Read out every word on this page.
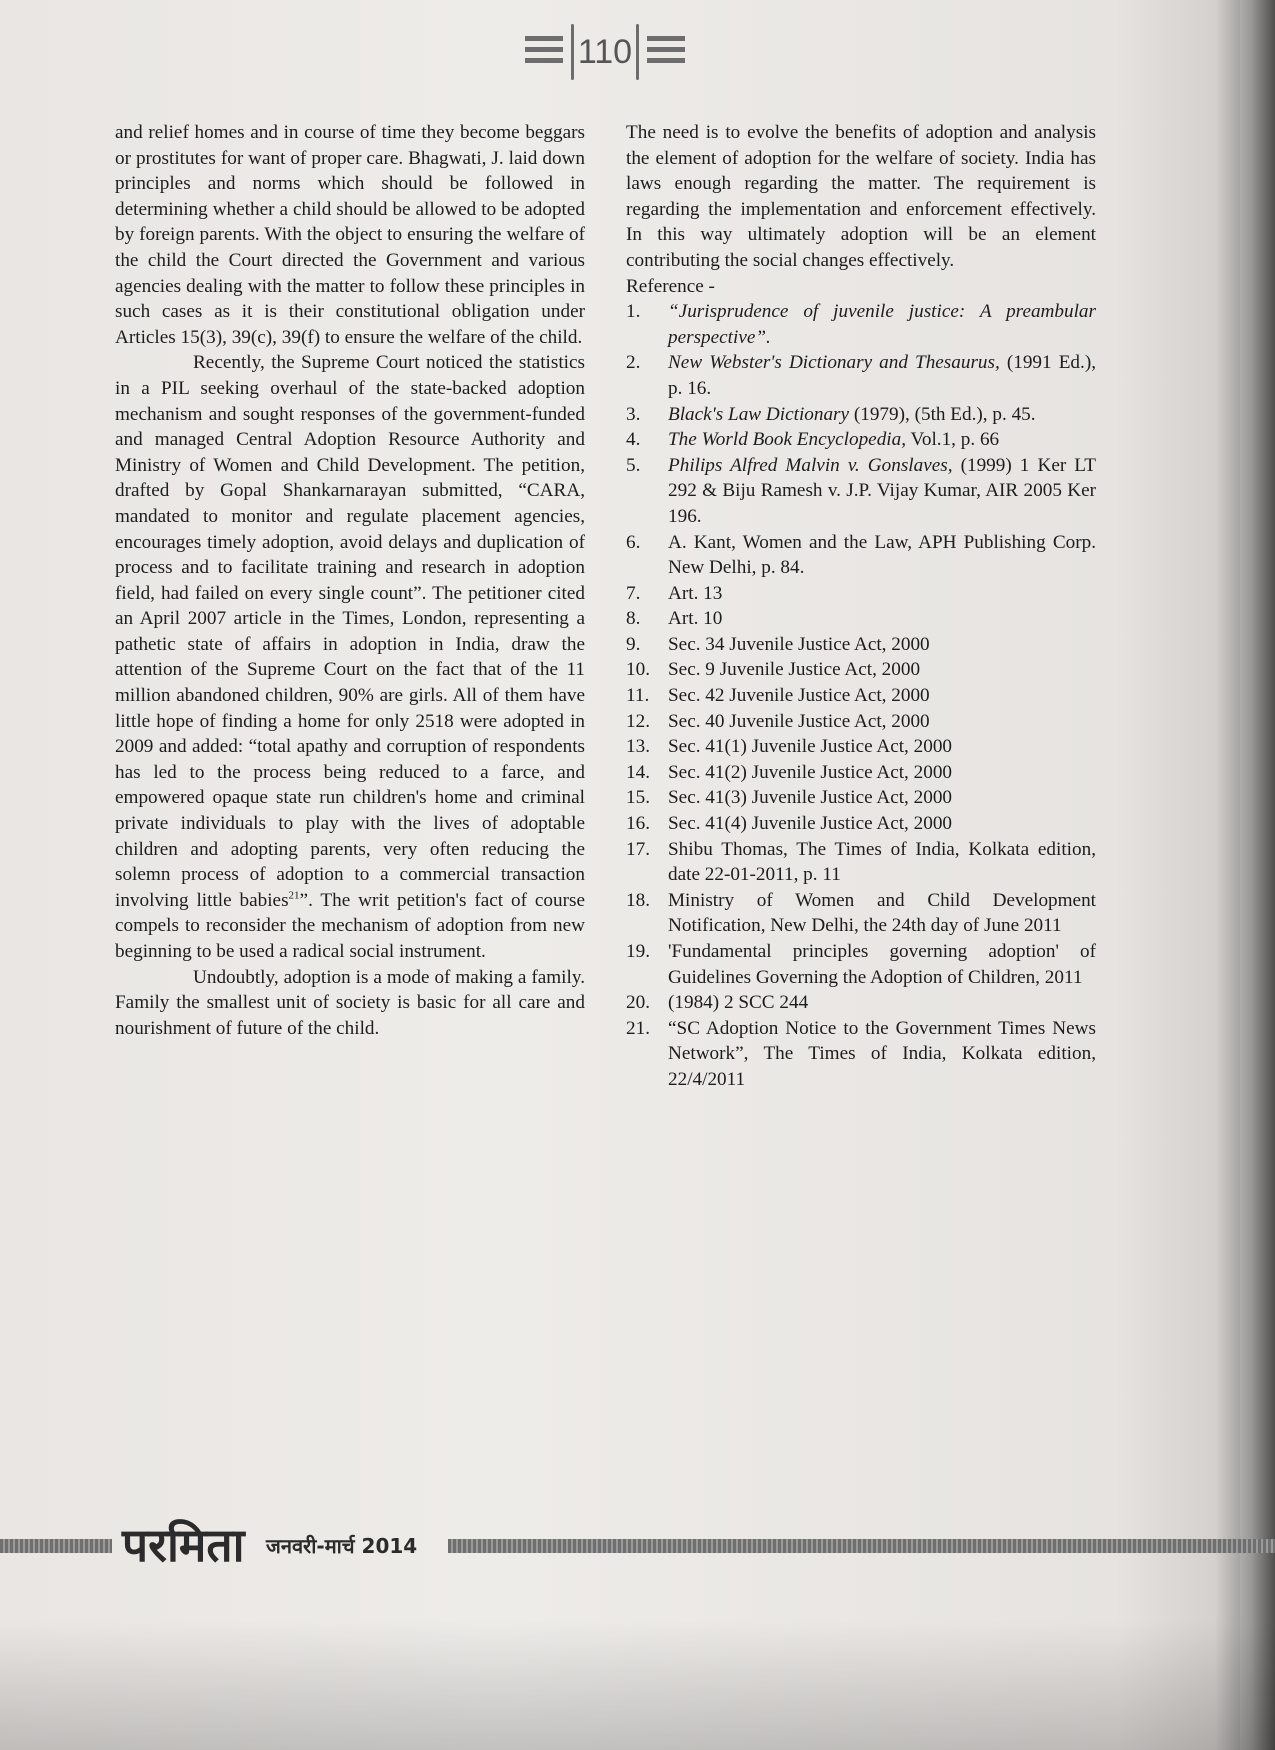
110

and relief homes and in course of time they become beggars or prostitutes for want of proper care. Bhagwati, J. laid down principles and norms which should be followed in determining whether a child should be allowed to be adopted by foreign parents. With the object to ensuring the welfare of the child the Court directed the Government and various agencies dealing with the matter to follow these principles in such cases as it is their constitutional obligation under Articles 15(3), 39(c), 39(f) to ensure the welfare of the child.

Recently, the Supreme Court noticed the statistics in a PIL seeking overhaul of the state-backed adoption mechanism and sought responses of the government-funded and managed Central Adoption Resource Authority and Ministry of Women and Child Development. The petition, drafted by Gopal Shankarnarayan submitted, “CARA, mandated to monitor and regulate placement agencies, encourages timely adoption, avoid delays and duplication of process and to facilitate training and research in adoption field, had failed on every single count”. The petitioner cited an April 2007 article in the Times, London, representing a pathetic state of affairs in adoption in India, draw the attention of the Supreme Court on the fact that of the 11 million abandoned children, 90% are girls. All of them have little hope of finding a home for only 2518 were adopted in 2009 and added: “total apathy and corruption of respondents has led to the process being reduced to a farce, and empowered opaque state run children's home and criminal private individuals to play with the lives of adoptable children and adopting parents, very often reducing the solemn process of adoption to a commercial transaction involving little babies$^{21}$”. The writ petition's fact of course compels to reconsider the mechanism of adoption from new beginning to be used a radical social instrument.

Undoubtly, adoption is a mode of making a family. Family the smallest unit of society is basic for all care and nourishment of future of the child.

The need is to evolve the benefits of adoption and analysis the element of adoption for the welfare of society. India has laws enough regarding the matter. The requirement is regarding the implementation and enforcement effectively. In this way ultimately adoption will be an element contributing the social changes effectively.

Reference -

1.	“Jurisprudence of juvenile justice: A preambular perspective”.
2.	New Webster's Dictionary and Thesaurus, (1991 Ed.), p. 16.
3.	Black's Law Dictionary (1979), (5th Ed.), p. 45.
4.	The World Book Encyclopedia, Vol.1, p. 66
5.	Philips Alfred Malvin v. Gonslaves, (1999) 1 Ker LT 292 & Biju Ramesh v. J.P. Vijay Kumar, AIR 2005 Ker 196.
6.	A. Kant, Women and the Law, APH Publishing Corp. New Delhi, p. 84.
7.	Art. 13
8.	Art. 10
9.	Sec. 34 Juvenile Justice Act, 2000
10. Sec. 9 Juvenile Justice Act, 2000
11. Sec. 42 Juvenile Justice Act, 2000
12. Sec. 40 Juvenile Justice Act, 2000
13. Sec. 41(1) Juvenile Justice Act, 2000
14. Sec. 41(2) Juvenile Justice Act, 2000
15. Sec. 41(3) Juvenile Justice Act, 2000
16. Sec. 41(4) Juvenile Justice Act, 2000
17. Shibu Thomas, The Times of India, Kolkata edition, date 22-01-2011, p. 11
18. Ministry of Women and Child Development Notification, New Delhi, the 24th day of June 2011
19. 'Fundamental principles governing adoption' of Guidelines Governing the Adoption of Children, 2011
20. (1984) 2 SCC 244
21. “SC Adoption Notice to the Government Times News Network”, The Times of India, Kolkata edition, 22/4/2011
परमिता जनवरी-मार्च 2014
